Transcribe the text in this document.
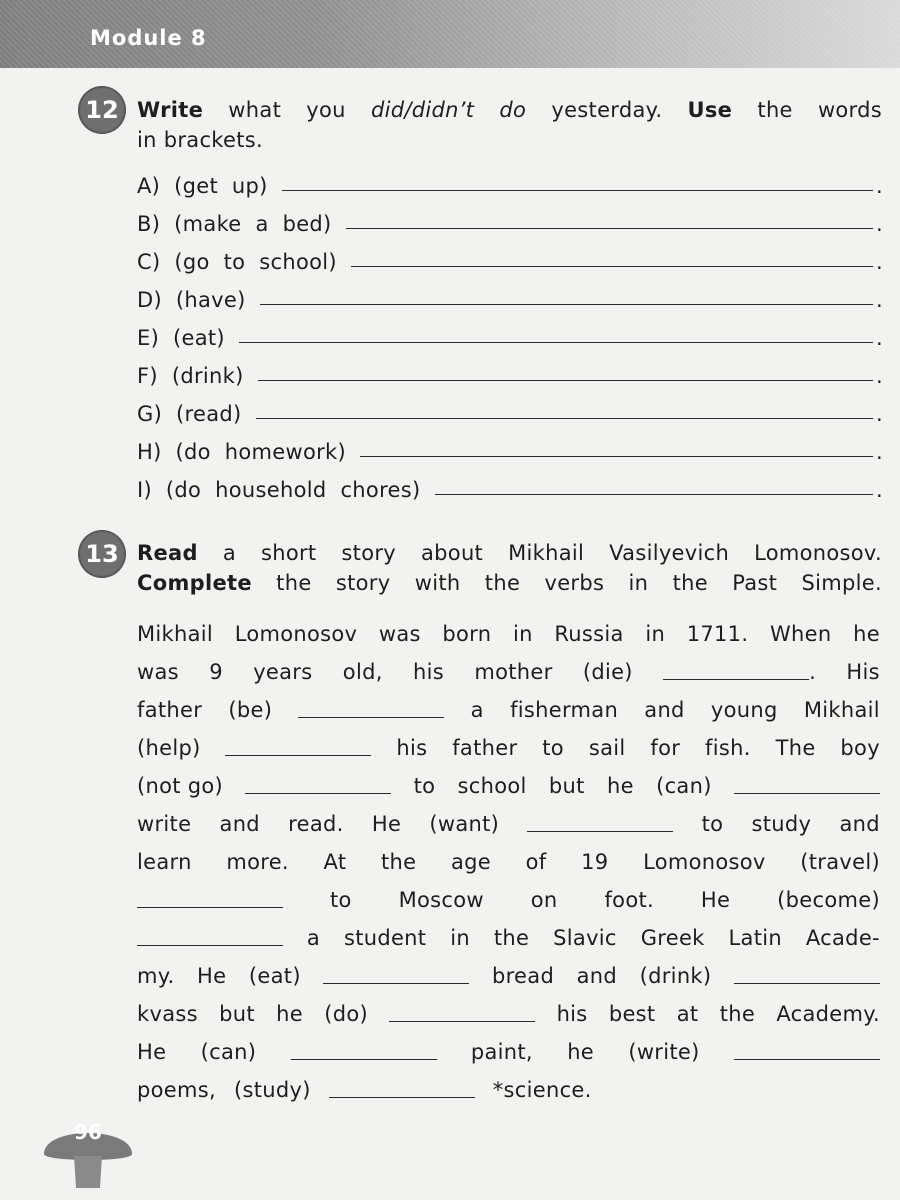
Module 8
12 Write what you did/didn’t do yesterday. Use the words
in brackets.
A)  (get  up)	.
B)  (make  a  bed)	.
C)  (go  to  school)	.
D)  (have)	.
E)  (eat)	.
F)  (drink)	.
G)  (read)	.
H)  (do  homework)	.
I)  (do  household  chores)	.
13 Read a short story about Mikhail Vasilyevich Lomonosov.
Complete the story with the verbs in the Past Simple.
Mikhail Lomonosov was born in Russia in 1711. When he
was 9 years old, his mother (die)	. His
father (be)	a fisherman and young Mikhail
(help)	his father to sail for fish. The boy
(not go)	to school but he (can)
write and read. He (want)	to study and
learn more. At the age of 19 Lomonosov (travel)
to Moscow on foot. He (become)
a student in the Slavic Greek Latin Acade-
my. He (eat)	bread and (drink)
kvass but he (do)	his best at the Academy.
He (can)	paint, he (write)
poems, (study)	*science.
96
